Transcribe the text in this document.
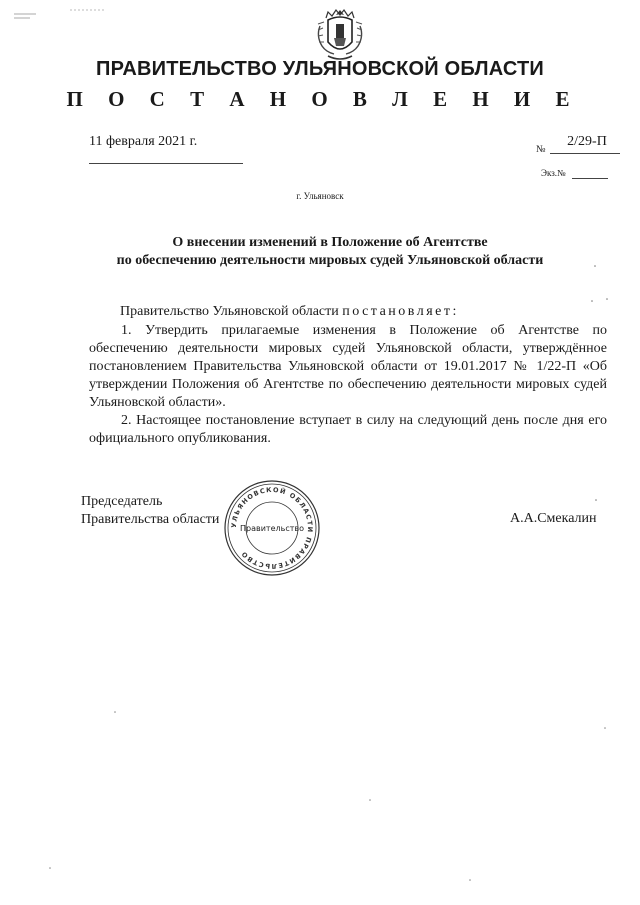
ПРАВИТЕЛЬСТВО УЛЬЯНОВСКОЙ ОБЛАСТИ
П О С Т А Н О В Л Е Н И Е
11 февраля 2021 г.
№
2/29-П
Экз.№
г. Ульяновск
О внесении изменений в Положение об Агентстве
по обеспечению деятельности мировых судей Ульяновской области
Правительство Ульяновской области постановляет:

1. Утвердить прилагаемые изменения в Положение об Агентстве по обеспечению деятельности мировых судей Ульяновской области, утверждённое постановлением Правительства Ульяновской области от 19.01.2017 № 1/22-П «Об утверждении Положения об Агентстве по обеспечению деятельности мировых судей Ульяновской области».

2. Настоящее постановление вступает в силу на следующий день после дня его официального опубликования.

Председатель
Правительства области УЛЬЯНОВСКОЙ ОБЛАСТИ ПРАВИТЕЛЬСТВО
Правительство
А.А.Смекалин
